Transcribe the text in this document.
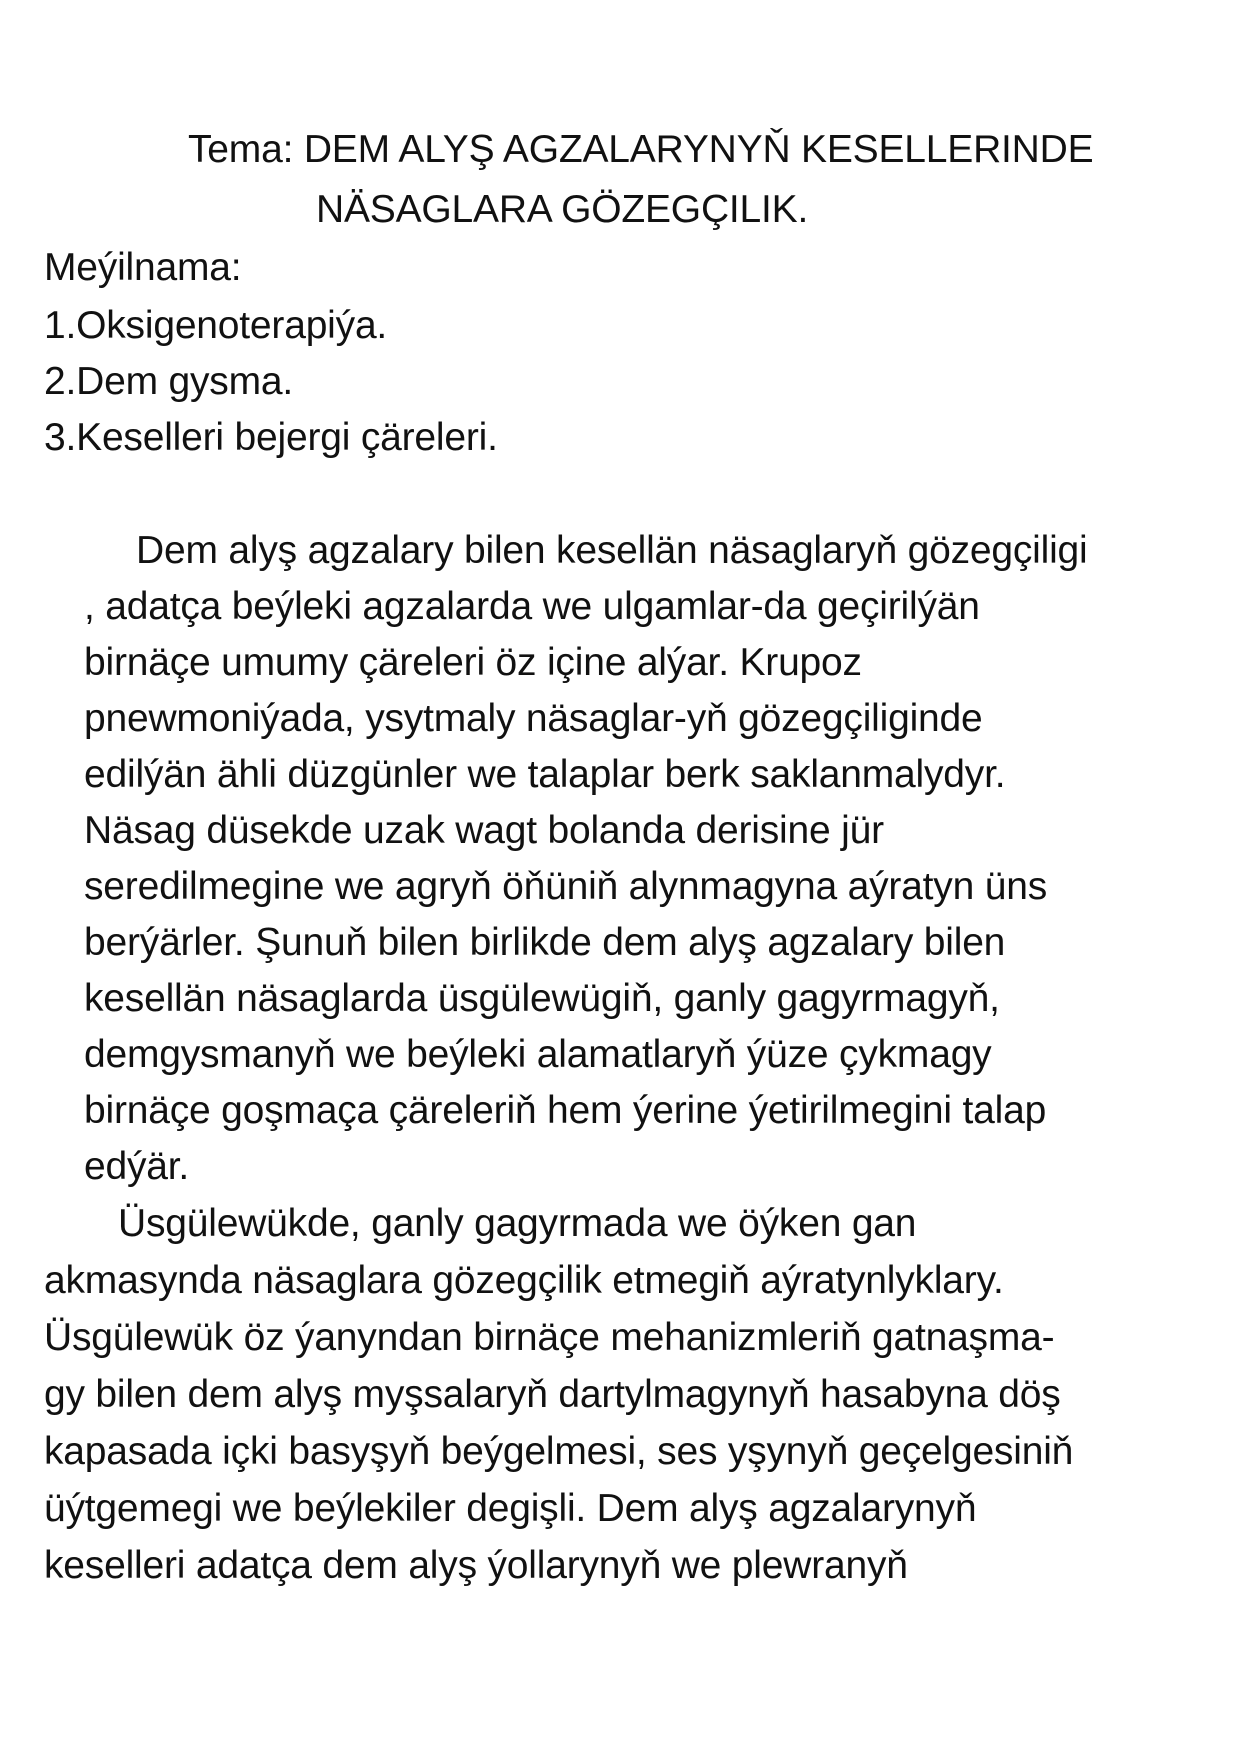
Tema: DEM ALYŞ AGZALARYNYŇ KESELLERINDE
NÄSAGLARA GÖZEGÇILIK.
Meýilnama:
1.Oksigenoterapiýa.
2.Dem gysma.
3.Keselleri bejergi çäreleri.
Dem alyş agzalary bilen kesellän näsaglaryň gözegçiligi
, adatça beýleki agzalarda we ulgamlar-da geçirilýän
birnäçe umumy çäreleri öz içine alýar. Krupoz
pnewmoniýada, ysytmaly näsaglar-yň gözegçiliginde
edilýän ähli düzgünler we talaplar berk saklanmalydyr.
Näsag düsekde uzak wagt bolanda derisine jür
seredilmegine we agryň öňüniň alynmagyna aýratyn üns
berýärler. Şunuň bilen birlikde dem alyş agzalary bilen
kesellän näsaglarda üsgülewügiň, ganly gagyrmagyň,
demgysmanyň we beýleki alamatlaryň ýüze çykmagy
birnäçe goşmaça çäreleriň hem ýerine ýetirilmegini talap
edýär.
Üsgülewükde, ganly gagyrmada we öýken gan
akmasynda näsaglara gözegçilik etmegiň aýratynlyklary.
Üsgülewük öz ýanyndan birnäçe mehanizmleriň gatnaşma-
gy bilen dem alyş myşsalaryň dartylmagynyň hasabyna döş
kapasada içki basyşyň beýgelmesi, ses yşynyň geçelgesiniň
üýtgemegi we beýlekiler degişli. Dem alyş agzalarynyň
keselleri adatça dem alyş ýollarynyň we plewranyň
